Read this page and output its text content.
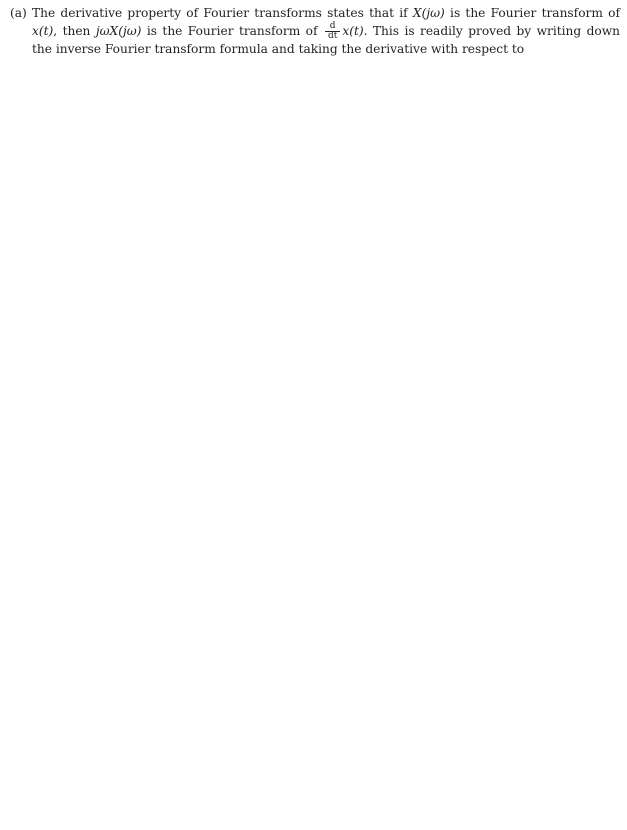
(a) The derivative property of Fourier transforms states that if X(jω) is the Fourier transform of x(t), then jωX(jω) is the Fourier transform of $\frac{d}{dt} x(t)$. This is readily proved by writing down the inverse Fourier transform formula and taking the derivative with respect to
